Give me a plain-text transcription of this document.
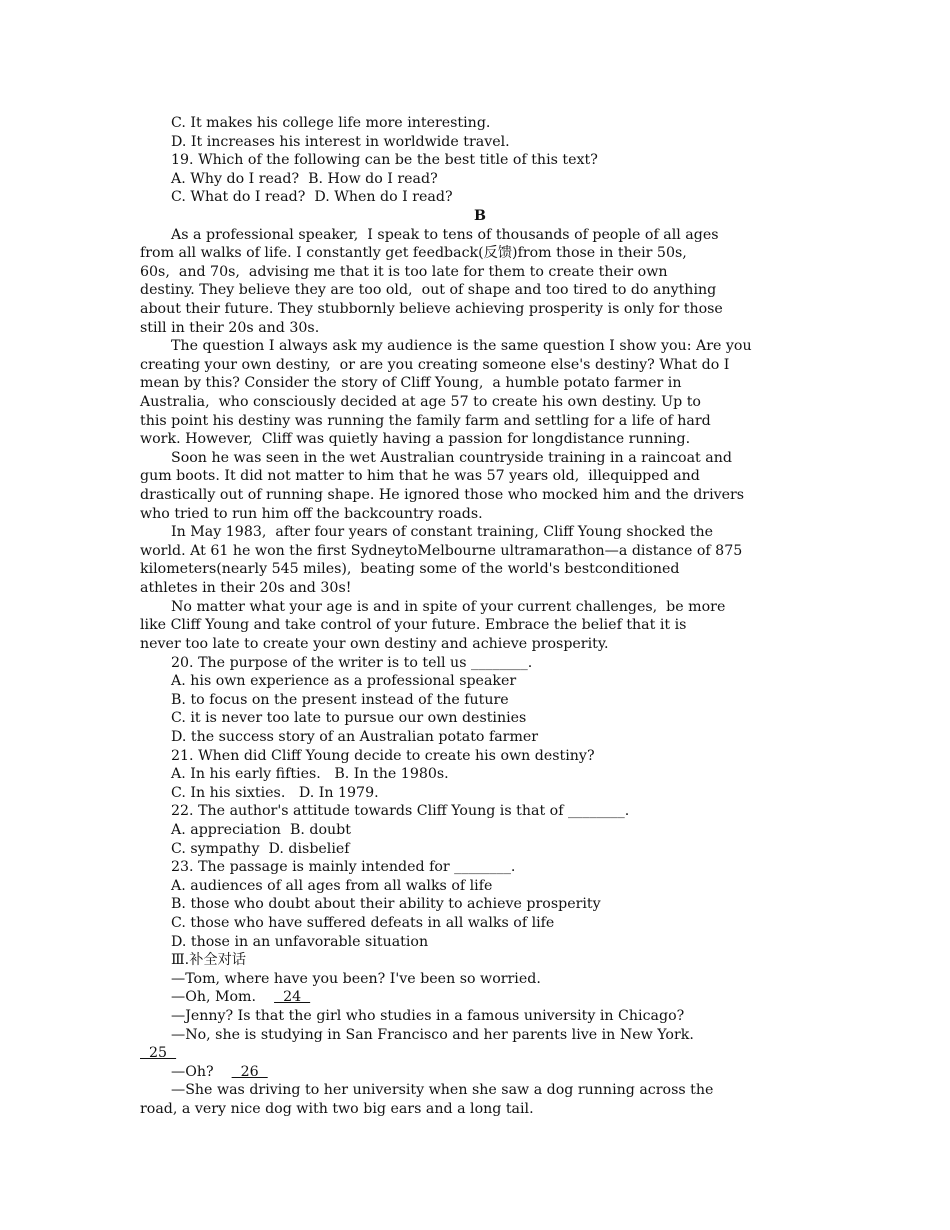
C. It makes his college life more interesting.
D. It increases his interest in worldwide travel.
19. Which of the following can be the best title of this text?
A. Why do I read?  B. How do I read?
C. What do I read?  D. When do I read?
B
As a professional speaker,  I speak to tens of thousands of people of all ages
from all walks of life. I constantly get feedback(反馈)from those in their 50s,
60s,  and 70s,  advising me that it is too late for them to create their own
destiny. They believe they are too old,  out of shape and too tired to do anything
about their future. They stubbornly believe achieving prosperity is only for those
still in their 20s and 30s.
The question I always ask my audience is the same question I show you: Are you
creating your own destiny,  or are you creating someone else's destiny? What do I
mean by this? Consider the story of Cliff Young,  a humble potato farmer in
Australia,  who consciously decided at age 57 to create his own destiny. Up to
this point his destiny was running the family farm and settling for a life of hard
work. However,  Cliff was quietly having a passion for longdistance running.
Soon he was seen in the wet Australian countryside training in a raincoat and
gum boots. It did not matter to him that he was 57 years old,  illequipped and
drastically out of running shape. He ignored those who mocked him and the drivers
who tried to run him off the backcountry roads.
In May 1983,  after four years of constant training, Cliff Young shocked the
world. At 61 he won the first SydneytoMelbourne ultramarathon—a distance of 875
kilometers(nearly 545 miles),  beating some of the world's bestconditioned
athletes in their 20s and 30s!
No matter what your age is and in spite of your current challenges,  be more
like Cliff Young and take control of your future. Embrace the belief that it is
never too late to create your own destiny and achieve prosperity.
20. The purpose of the writer is to tell us ________.
A. his own experience as a professional speaker
B. to focus on the present instead of the future
C. it is never too late to pursue our own destinies
D. the success story of an Australian potato farmer
21. When did Cliff Young decide to create his own destiny?
A. In his early fifties.   B. In the 1980s.
C. In his sixties.   D. In 1979.
22. The author's attitude towards Cliff Young is that of ________.
A. appreciation  B. doubt
C. sympathy  D. disbelief
23. The passage is mainly intended for ________.
A. audiences of all ages from all walks of life
B. those who doubt about their ability to achieve prosperity
C. those who have suffered defeats in all walks of life
D. those in an unfavorable situation
Ⅲ.补全对话
—Tom, where have you been? I've been so worried.
—Oh, Mom.      24
—Jenny? Is that the girl who studies in a famous university in Chicago?
—No, she is studying in San Francisco and her parents live in New York.
25
—Oh?      26
—She was driving to her university when she saw a dog running across the
road, a very nice dog with two big ears and a long tail.
